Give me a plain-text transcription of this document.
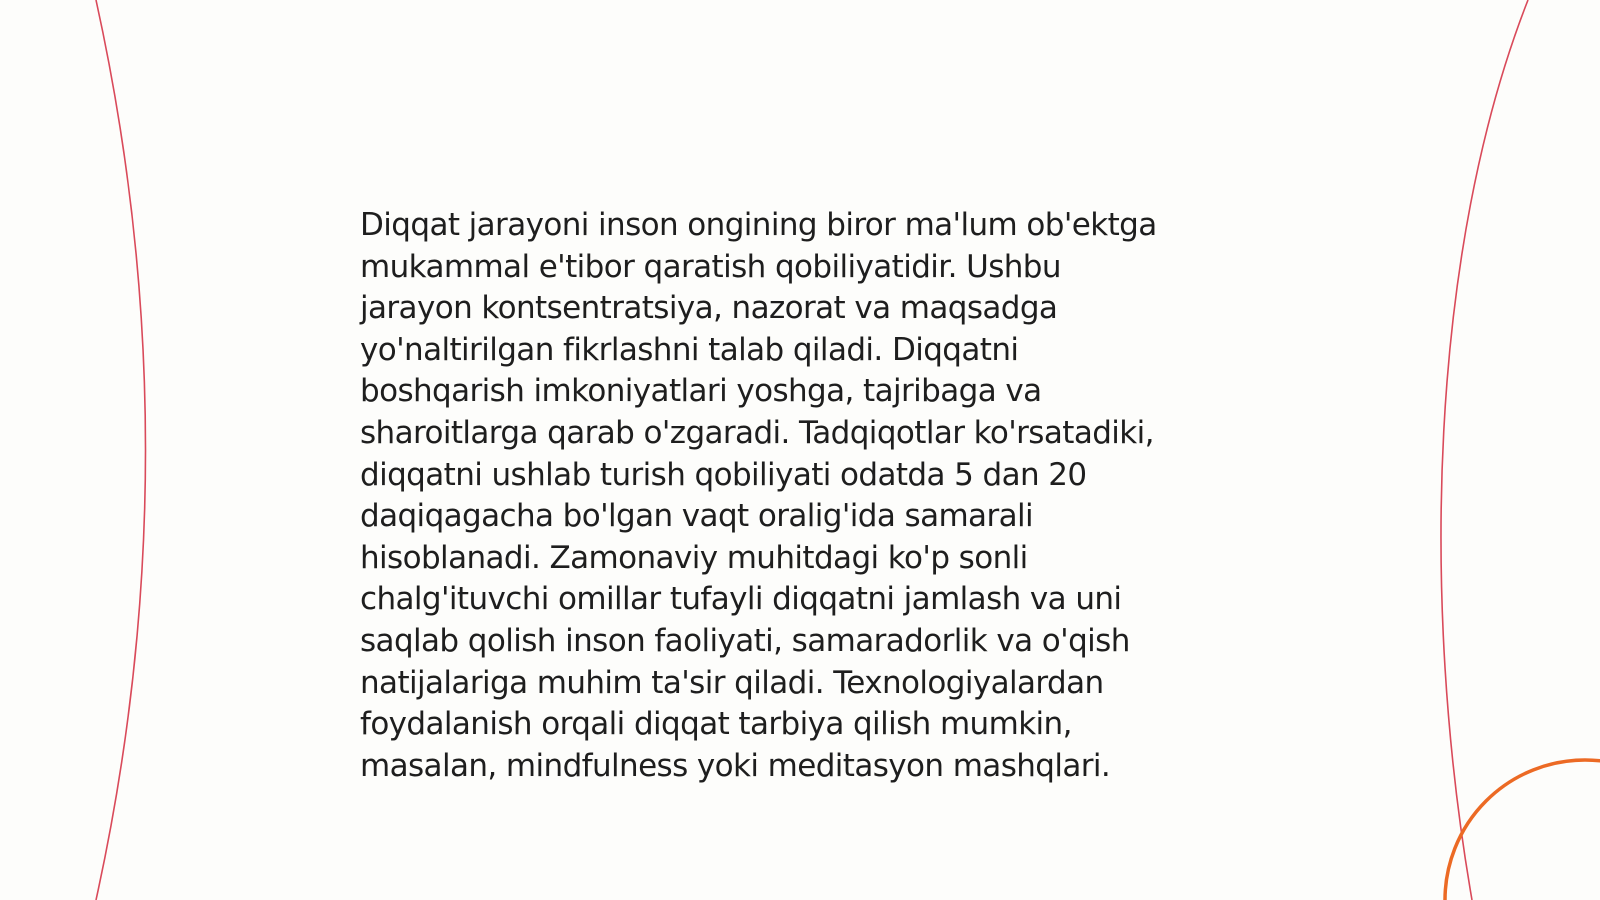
Diqqat jarayoni inson ongining biror ma'lum ob'ektga
mukammal e'tibor qaratish qobiliyatidir. Ushbu
jarayon kontsentratsiya, nazorat va maqsadga
yo'naltirilgan fikrlashni talab qiladi. Diqqatni
boshqarish imkoniyatlari yoshga, tajribaga va
sharoitlarga qarab o'zgaradi. Tadqiqotlar ko'rsatadiki,
diqqatni ushlab turish qobiliyati odatda 5 dan 20
daqiqagacha bo'lgan vaqt oralig'ida samarali
hisoblanadi. Zamonaviy muhitdagi ko'p sonli
chalg'ituvchi omillar tufayli diqqatni jamlash va uni
saqlab qolish inson faoliyati, samaradorlik va o'qish
natijalariga muhim ta'sir qiladi. Texnologiyalardan
foydalanish orqali diqqat tarbiya qilish mumkin,
masalan, mindfulness yoki meditasyon mashqlari.
